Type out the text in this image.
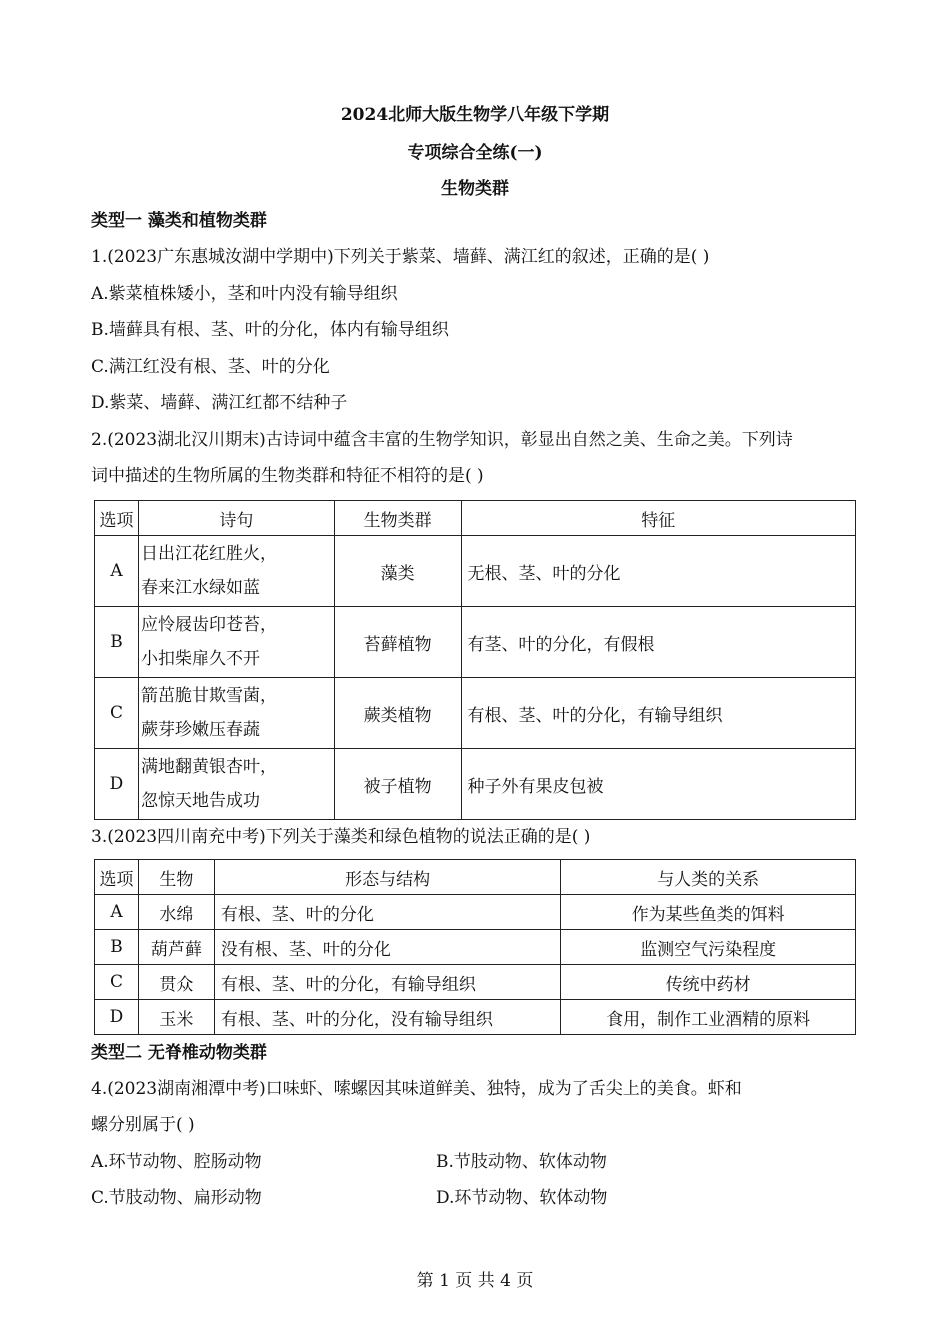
2024北师大版生物学八年级下学期
专项综合全练(一)
生物类群
类型一 藻类和植物类群
1.(2023广东惠城汝湖中学期中)下列关于紫菜、墙藓、满江红的叙述，正确的是( )
A.紫菜植株矮小，茎和叶内没有输导组织
B.墙藓具有根、茎、叶的分化，体内有输导组织
C.满江红没有根、茎、叶的分化
D.紫菜、墙藓、满江红都不结种子
2.(2023湖北汉川期末)古诗词中蕴含丰富的生物学知识，彰显出自然之美、生命之美。下列诗
词中描述的生物所属的生物类群和特征不相符的是( )
选项	诗句	生物类群	特征
A	日出江花红胜火，
春来江水绿如蓝	藻类	无根、茎、叶的分化
B	应怜屐齿印苍苔，
小扣柴扉久不开	苔藓植物	有茎、叶的分化，有假根
C	箭茁脆甘欺雪菌，
蕨芽珍嫩压春蔬	蕨类植物	有根、茎、叶的分化，有输导组织
D	满地翻黄银杏叶，
忽惊天地告成功	被子植物	种子外有果皮包被
3.(2023四川南充中考)下列关于藻类和绿色植物的说法正确的是( )
选项	生物	形态与结构	与人类的关系
A	水绵	有根、茎、叶的分化	作为某些鱼类的饵料
B	葫芦藓	没有根、茎、叶的分化	监测空气污染程度
C	贯众	有根、茎、叶的分化，有输导组织	传统中药材
D	玉米	有根、茎、叶的分化，没有输导组织	食用，制作工业酒精的原料
类型二 无脊椎动物类群
4.(2023湖南湘潭中考)口味虾、嗦螺因其味道鲜美、独特，成为了舌尖上的美食。虾和
螺分别属于( )
A.环节动物、腔肠动物	B.节肢动物、软体动物
C.节肢动物、扁形动物	D.环节动物、软体动物
第 1 页 共 4 页
